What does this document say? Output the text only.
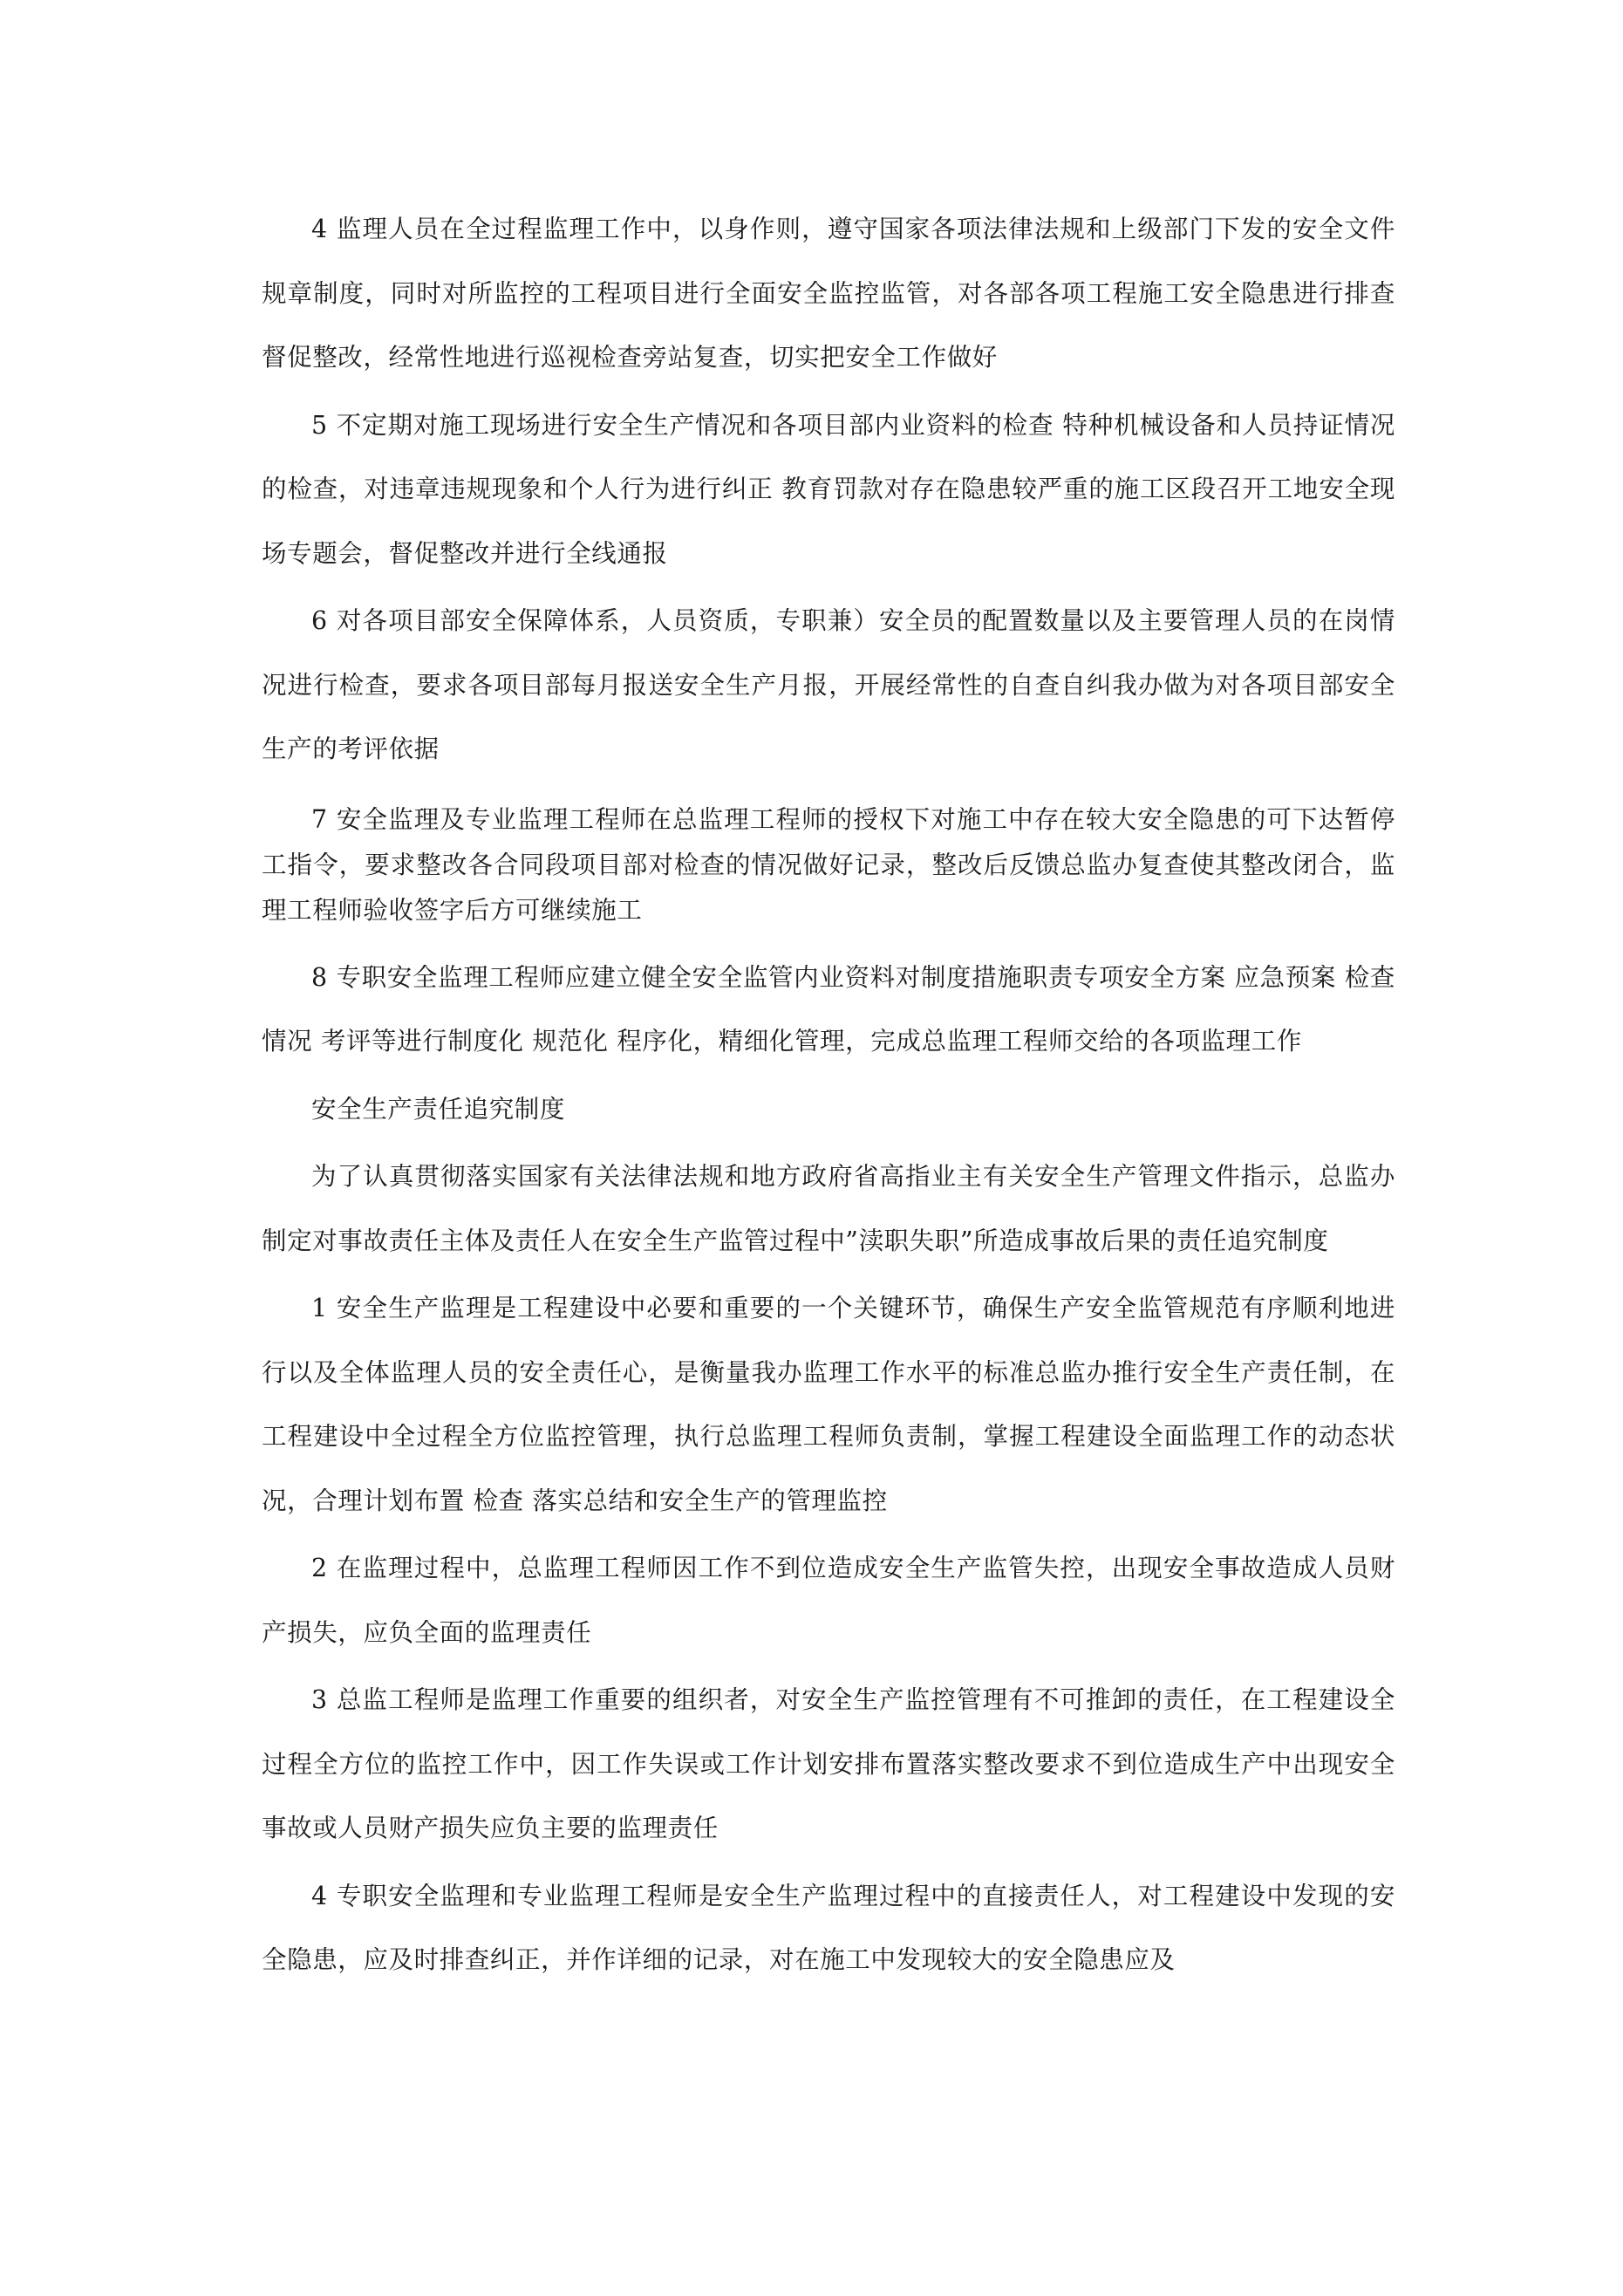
4 监理人员在全过程监理工作中，以身作则，遵守国家各项法律法规和上级部门下发的安全文件 规章制度，同时对所监控的工程项目进行全面安全监控监管，对各部各项工程施工安全隐患进行排查督促整改，经常性地进行巡视检查旁站复查，切实把安全工作做好

5 不定期对施工现场进行安全生产情况和各项目部内业资料的检查 特种机械设备和人员持证情况的检查，对违章违规现象和个人行为进行纠正 教育罚款对存在隐患较严重的施工区段召开工地安全现场专题会，督促整改并进行全线通报

6 对各项目部安全保障体系，人员资质，专职兼）安全员的配置数量以及主要管理人员的在岗情况进行检查，要求各项目部每月报送安全生产月报，开展经常性的自查自纠我办做为对各项目部安全生产的考评依据

7 安全监理及专业监理工程师在总监理工程师的授权下对施工中存在较大安全隐患的可下达暂停工指令，要求整改各合同段项目部对检查的情况做好记录，整改后反馈总监办复查使其整改闭合，监理工程师验收签字后方可继续施工

8 专职安全监理工程师应建立健全安全监管内业资料对制度措施职责专项安全方案 应急预案 检查情况 考评等进行制度化 规范化 程序化，精细化管理，完成总监理工程师交给的各项监理工作

安全生产责任追究制度

为了认真贯彻落实国家有关法律法规和地方政府省高指业主有关安全生产管理文件指示，总监办制定对事故责任主体及责任人在安全生产监管过程中”渎职失职”所造成事故后果的责任追究制度

1 安全生产监理是工程建设中必要和重要的一个关键环节，确保生产安全监管规范有序顺利地进行以及全体监理人员的安全责任心，是衡量我办监理工作水平的标准总监办推行安全生产责任制，在工程建设中全过程全方位监控管理，执行总监理工程师负责制，掌握工程建设全面监理工作的动态状况，合理计划布置 检查 落实总结和安全生产的管理监控

2 在监理过程中，总监理工程师因工作不到位造成安全生产监管失控，出现安全事故造成人员财产损失，应负全面的监理责任

3 总监工程师是监理工作重要的组织者，对安全生产监控管理有不可推卸的责任，在工程建设全过程全方位的监控工作中，因工作失误或工作计划安排布置落实整改要求不到位造成生产中出现安全事故或人员财产损失应负主要的监理责任

4 专职安全监理和专业监理工程师是安全生产监理过程中的直接责任人，对工程建设中发现的安全隐患，应及时排查纠正，并作详细的记录，对在施工中发现较大的安全隐患应及
